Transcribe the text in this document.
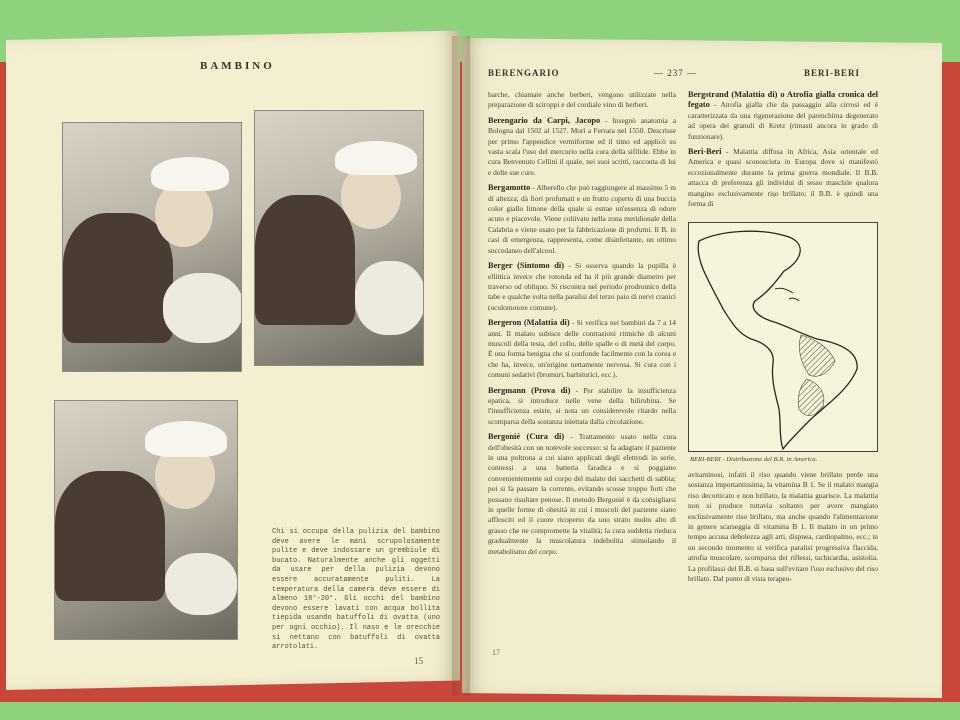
BAMBINO
Chi si occupa della pulizia del bambino deve avere le mani scrupolosamente pulite e deve indossare un grembiule di bucato. Naturalmente anche gli oggetti da usare per della pulizia devono essere accuratamente puliti. La temperatura della camera deve essere di almeno 18°-20°. Gli occhi del bambino devono essere lavati con acqua bollita tiepida usando batuffoli di ovatta (uno per ogni occhio). Il naso e le orecchie si nettano con batuffoli di ovatta arrotolati.
15
BERENGARIO	— 237 —	BERI-BERI

barche, chiamate anche berberi, vengono utilizzate nella preparazione di sciroppi e del cordiale vino di berberi.

Berengario da Carpi, Jacopo - Insegnò anatomia a Bologna dal 1502 al 1527. Morì a Ferrara nel 1550. Descrisse per primo l'appendice vermiforme ed il timo ed applicò su vasta scala l'uso del mercurio nella cura della sifilide. Ebbe in cura Benvenuto Cellini il quale, nei suoi scritti, racconta di lui e delle sue cure.

Bergamotto - Alberello che può raggiungere al massimo 5 m di altezza; dà fiori profumati e un frutto coperto di una buccia color giallo limone della quale si estrae un'essenza di odore acuto e piacevole. Viene coltivato nella zona meridionale della Calabria e viene usato per la fabbricazione di profumi. Il B. in casi di emergenza, rappresenta, come disinfettante, un ottimo succedaneo dell'alcool.

Berger (Sintomo di) - Si osserva quando la pupilla è ellittica invece che rotonda ed ha il più grande diametro per traverso od obliquo. Si riscontra nel periodo prodromico della tabe e qualche volta nella paralisi del terzo paio di nervi cranici (oculomotore comune).

Bergeron (Malattia di) - Si verifica nei bambini da 7 a 14 anni. Il malato subisce delle contrazioni ritmiche di alcuni muscoli della testa, del collo, delle spalle o di metà del corpo. È una forma benigna che si confonde facilmente con la corea e che ha, invece, un'origine nettamente nervosa. Si cura con i comuni sedativi (bromuri, barbiturici, ecc.).

Bergmann (Prova di) - Per stabilire la insufficienza epatica, si introduce nelle vene della bilirubina. Se l'insufficienza esiste, si nota un considerevole ritardo nella scomparsa della sostanza iniettata dalla circolazione.

Bergonié (Cura di) - Trattamento usato nella cura dell'obesità con un notevole successo: si fa adagiare il paziente in una poltrona a cui siano applicati degli elettrodi in serie, connessi a una batteria faradica e si poggiano convenientemente sul corpo del malato dei sacchetti di sabbia; poi si fa passare la corrente, evitando scosse troppo forti che possano risultare penose. Il metodo Bergonié è da consigliarsi in quelle forme di obesità in cui i muscoli del paziente siano afflosciti ed il cuore ricoperto da uno strato molto alto di grasso che ne compromette la vitalità; la cura suddetta rieduca gradualmente la muscolatura indebolita stimolando il metabolismo del corpo.

Bergstrand (Malattia di) o Atrofia gialla cronica del fegato - Atrofia gialla che da passaggio alla cirrosi ed è caratterizzata da una rigenerazione del parenchima degenerato ad opera dei granuli di Kretz (rimasti ancora in grado di funzionare).

Beri-Beri - Malattia diffusa in Africa, Asia orientale ed America e quasi sconosciuta in Europa dove si manifestò eccezionalmente durante la prima guerra mondiale. Il B.B. attacca di preferenza gli individui di sesso maschile qualora mangino esclusivamente riso brillato; il B.B. è quindi una forma di

BERI-BERI - Distribuzione del B.B. in America.

avitaminosi, infatti il riso quando viene brillato perde una sostanza importantissima, la vitamina B 1. Se il malato mangia riso decorticato e non brillato, la malattia guarisce. La malattia non si produce tuttavia soltanto per avere mangiato esclusivamente riso brillato, ma anche quando l'alimentazione in genere scarseggia di vitamina B 1. Il malato in un primo tempo accusa debolezza agli arti, dispnea, cardiopalmo, ecc.; in un secondo momento si verifica paralisi progressiva flaccida, atrofia muscolare, scomparsa dei riflessi, tachicardia, asistolia. La profilassi del B.B. si basa sull'evitare l'uso esclusivo del riso brillato. Dal punto di vista terapeu-

17
